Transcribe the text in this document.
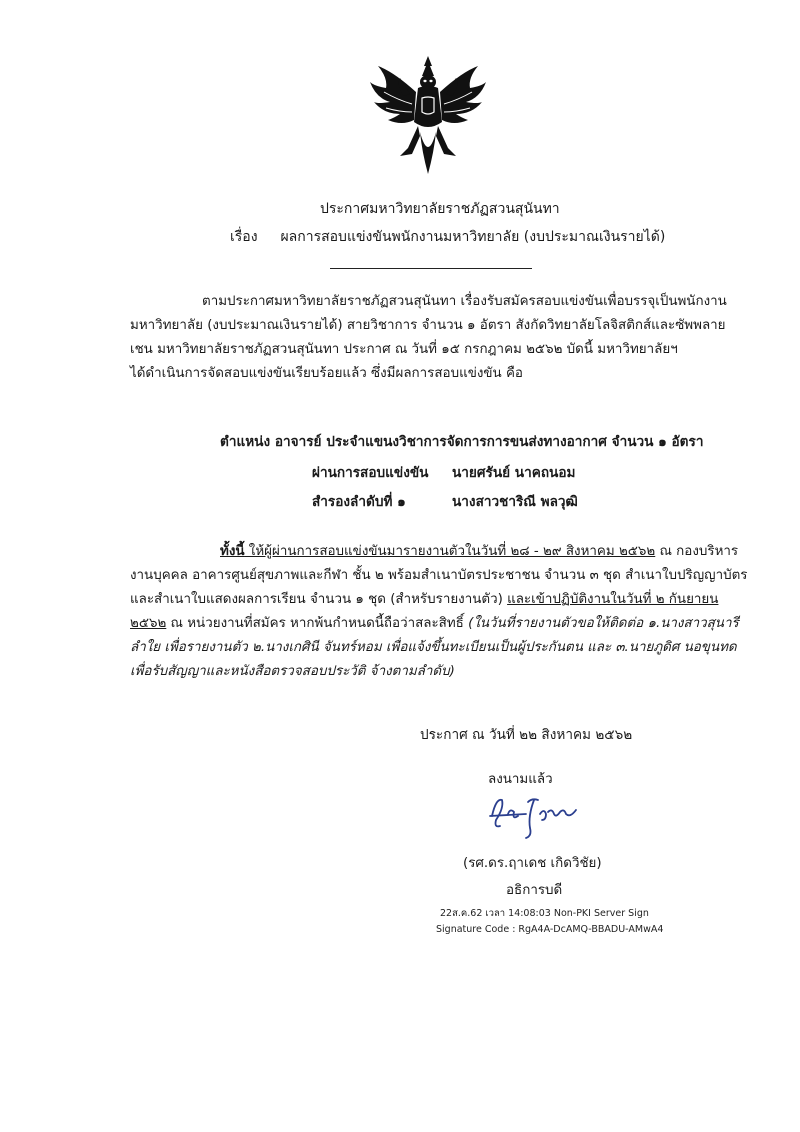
ประกาศมหาวิทยาลัยราชภัฏสวนสุนันทา
เรื่อง ผลการสอบแข่งขันพนักงานมหาวิทยาลัย (งบประมาณเงินรายได้)
ตามประกาศมหาวิทยาลัยราชภัฏสวนสุนันทา เรื่องรับสมัครสอบแข่งขันเพื่อบรรจุเป็นพนักงาน
มหาวิทยาลัย (งบประมาณเงินรายได้) สายวิชาการ จำนวน ๑ อัตรา สังกัดวิทยาลัยโลจิสติกส์และซัพพลาย
เชน มหาวิทยาลัยราชภัฏสวนสุนันทา ประกาศ ณ วันที่ ๑๕ กรกฎาคม ๒๕๖๒ บัดนี้ มหาวิทยาลัยฯ
ได้ดำเนินการจัดสอบแข่งขันเรียบร้อยแล้ว ซึ่งมีผลการสอบแข่งขัน คือ
ตำแหน่ง อาจารย์ ประจำแขนงวิชาการจัดการการขนส่งทางอากาศ จำนวน ๑ อัตรา
ผ่านการสอบแข่งขัน นายศรันย์ นาคถนอม
สำรองลำดับที่ ๑	นางสาวชาริณี พลวุฒิ
ทั้งนี้ ให้ผู้ผ่านการสอบแข่งขันมารายงานตัวในวันที่ ๒๘ - ๒๙ สิงหาคม ๒๕๖๒ ณ กองบริหาร
งานบุคคล อาคารศูนย์สุขภาพและกีฬา ชั้น ๒ พร้อมสำเนาบัตรประชาชน จำนวน ๓ ชุด สำเนาใบปริญญาบัตร
และสำเนาใบแสดงผลการเรียน จำนวน ๑ ชุด (สำหรับรายงานตัว) และเข้าปฏิบัติงานในวันที่ ๒ กันยายน
๒๕๖๒ ณ หน่วยงานที่สมัคร หากพ้นกำหนดนี้ถือว่าสละสิทธิ์ (ในวันที่รายงานตัวขอให้ติดต่อ ๑.นางสาวสุนารี
ลำใย เพื่อรายงานตัว ๒.นางเกศินี จันทร์หอม เพื่อแจ้งขึ้นทะเบียนเป็นผู้ประกันตน และ ๓.นายภูดิศ นอขุนทด
เพื่อรับสัญญาและหนังสือตรวจสอบประวัติ จ้างตามลำดับ)
ประกาศ ณ วันที่ ๒๒ สิงหาคม ๒๕๖๒
ลงนามแล้ว
(รศ.ดร.ฤาเดช เกิดวิชัย)
อธิการบดี
22ส.ค.62 เวลา 14:08:03 Non-PKI Server Sign
Signature Code : RgA4A-DcAMQ-BBADU-AMwA4
